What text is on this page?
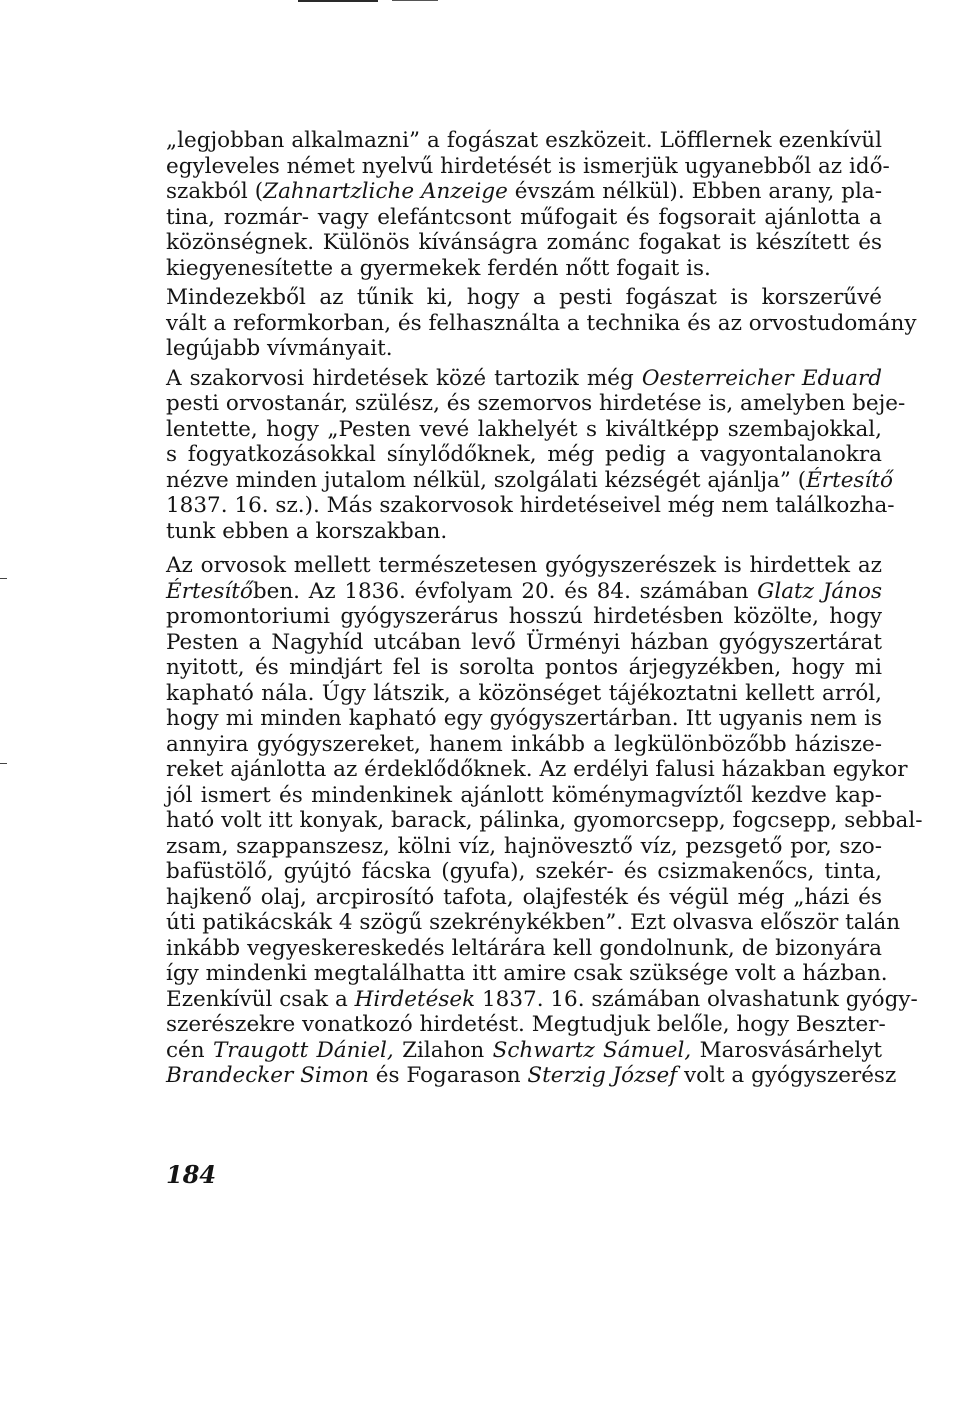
„legjobban alkalmazni” a fogászat eszközeit. Löfflernek ezenkívül
egyleveles német nyelvű hirdetését is ismerjük ugyanebből az idő-
szakból (Zahnartzliche Anzeige évszám nélkül). Ebben arany, pla-
tina, rozmár- vagy elefántcsont műfogait és fogsorait ajánlotta a
közönségnek. Különös kívánságra zománc fogakat is készített és
kiegyenesítette a gyermekek ferdén nőtt fogait is.
Mindezekből az tűnik ki, hogy a pesti fogászat is korszerűvé
vált a reformkorban, és felhasználta a technika és az orvostudomány
legújabb vívmányait.
A szakorvosi hirdetések közé tartozik még Oesterreicher Eduard
pesti orvostanár, szülész, és szemorvos hirdetése is, amelyben beje-
lentette, hogy „Pesten vevé lakhelyét s kiváltképp szembajokkal,
s fogyatkozásokkal sínylődőknek, még pedig a vagyontalanokra
nézve minden jutalom nélkül, szolgálati kézségét ajánlja” (Értesítő
1837. 16. sz.). Más szakorvosok hirdetéseivel még nem találkozha-
tunk ebben a korszakban.
Az orvosok mellett természetesen gyógyszerészek is hirdettek az
Értesítőben. Az 1836. évfolyam 20. és 84. számában Glatz János
promontoriumi gyógyszerárus hosszú hirdetésben közölte, hogy
Pesten a Nagyhíd utcában levő Ürményi házban gyógyszertárat
nyitott, és mindjárt fel is sorolta pontos árjegyzékben, hogy mi
kapható nála. Úgy látszik, a közönséget tájékoztatni kellett arról,
hogy mi minden kapható egy gyógyszertárban. Itt ugyanis nem is
annyira gyógyszereket, hanem inkább a legkülönbözőbb háziszе-
reket ajánlotta az érdeklődőknek. Az erdélyi falusi házakban egykor
jól ismert és mindenkinek ajánlott köménymagvíztől kezdve kap-
ható volt itt konyak, barack, pálinka, gyomorcsepp, fogcsepp, sebbal-
zsam, szappanszesz, kölni víz, hajnövesztő víz, pezsgető por, szo-
bafüstölő, gyújtó fácska (gyufa), szekér- és csizmakenőcs, tinta,
hajkenő olaj, arcpirosító tafota, olajfesték és végül még „házi és
úti patikácskák 4 szögű szekrénykékben”. Ezt olvasva először talán
inkább vegyeskereskedés leltárára kell gondolnunk, de bizonyára
így mindenki megtalálhatta itt amire csak szüksége volt a házban.
Ezenkívül csak a Hirdetések 1837. 16. számában olvashatunk gyógy-
szerészekre vonatkozó hirdetést. Megtudjuk belőle, hogy Beszter-
cén Traugott Dániel, Zilahon Schwartz Sámuel, Marosvásárhelyt
Brandecker Simon és Fogarason Sterzig József volt a gyógyszerész
184
